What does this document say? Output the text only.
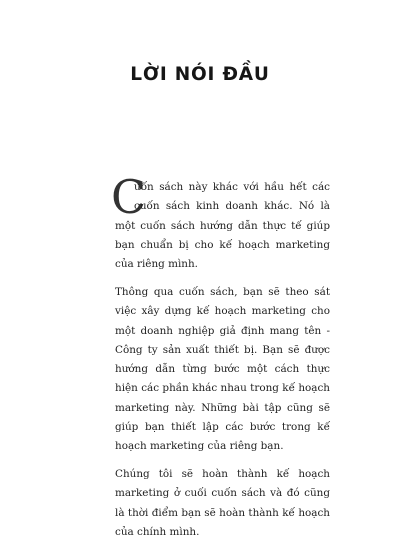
LỜI NÓI ĐẦU

C
uốn sách này khác với hầu hết các cuốn sách kinh doanh khác. Nó là một cuốn sách hướng dẫn thực tế giúp bạn chuẩn bị cho kế hoạch marketing của riêng mình.

Thông qua cuốn sách, bạn sẽ theo sát việc xây dựng kế hoạch marketing cho một doanh nghiệp giả định mang tên - Công ty sản xuất thiết bị. Bạn sẽ được hướng dẫn từng bước một cách thực hiện các phần khác nhau trong kế hoạch marketing này. Những bài tập cũng sẽ giúp bạn thiết lập các bước trong kế hoạch marketing của riêng bạn.

Chúng tôi sẽ hoàn thành kế hoạch marketing ở cuối cuốn sách và đó cũng là thời điểm bạn sẽ hoàn thành kế hoạch của chính mình.
